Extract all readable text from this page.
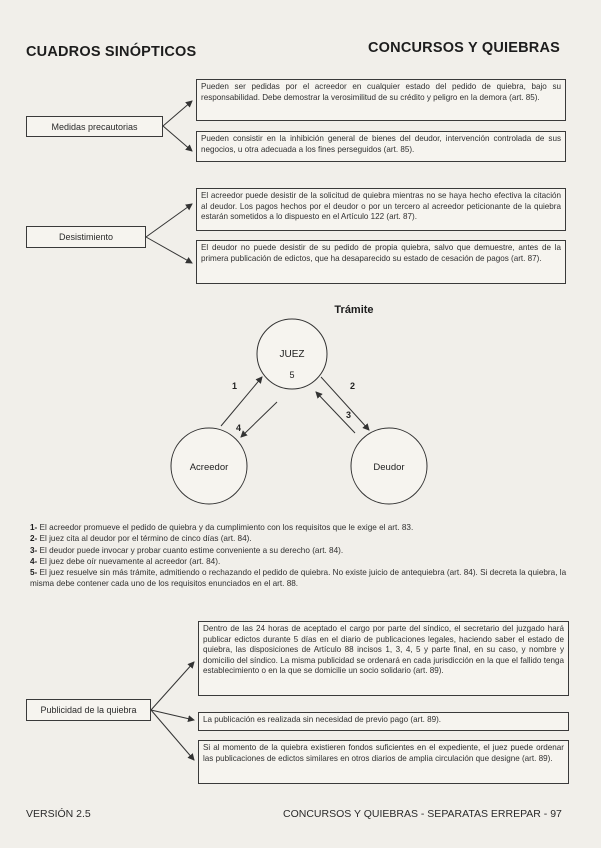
CUADROS SINÓPTICOS	CONCURSOS Y QUIEBRAS
Medidas precautorias
Pueden ser pedidas por el acreedor en cualquier estado del pedido de quiebra, bajo su responsabilidad. Debe demostrar la verosimilitud de su crédito y peligro en la demora (art. 85).
Pueden consistir en la inhibición general de bienes del deudor, intervención controlada de sus negocios, u otra adecuada a los fines perseguidos (art. 85).
Desistimiento
El acreedor puede desistir de la solicitud de quiebra mientras no se haya hecho efectiva la citación al deudor. Los pagos hechos por el deudor o por un tercero al acreedor peticionante de la quiebra estarán sometidos a lo dispuesto en el Artículo 122 (art. 87).
El deudor no puede desistir de su pedido de propia quiebra, salvo que demuestre, antes de la primera publicación de edictos, que ha desaparecido su estado de cesación de pagos (art. 87).
Trámite
JUEZ
5
Acreedor	Deudor
1
4
2
3
1- El acreedor promueve el pedido de quiebra y da cumplimiento con los requisitos que le exige el art. 83.
2- El juez cita al deudor por el término de cinco días (art. 84).
3- El deudor puede invocar y probar cuanto estime conveniente a su derecho (art. 84).
4- El juez debe oír nuevamente al acreedor (art. 84).
5- El juez resuelve sin más trámite, admitiendo o rechazando el pedido de quiebra. No existe juicio de antequiebra (art. 84). Si decreta la quiebra, la misma debe contener cada uno de los requisitos enunciados en el art. 88.
Publicidad de la quiebra
Dentro de las 24 horas de aceptado el cargo por parte del síndico, el secretario del juzgado hará publicar edictos durante 5 días en el diario de publicaciones legales, haciendo saber el estado de quiebra, las disposiciones de Artículo 88 incisos 1, 3, 4, 5 y parte final, en su caso, y nombre y domicilio del síndico. La misma publicidad se ordenará en cada jurisdicción en la que el fallido tenga establecimiento o en la que se domicilie un socio solidario (art. 89).
La publicación es realizada sin necesidad de previo pago (art. 89).
Si al momento de la quiebra existieren fondos suficientes en el expediente, el juez puede ordenar las publicaciones de edictos similares en otros diarios de amplia circulación que designe (art. 89).
VERSIÓN 2.5	CONCURSOS Y QUIEBRAS - SEPARATAS ERREPAR - 97
